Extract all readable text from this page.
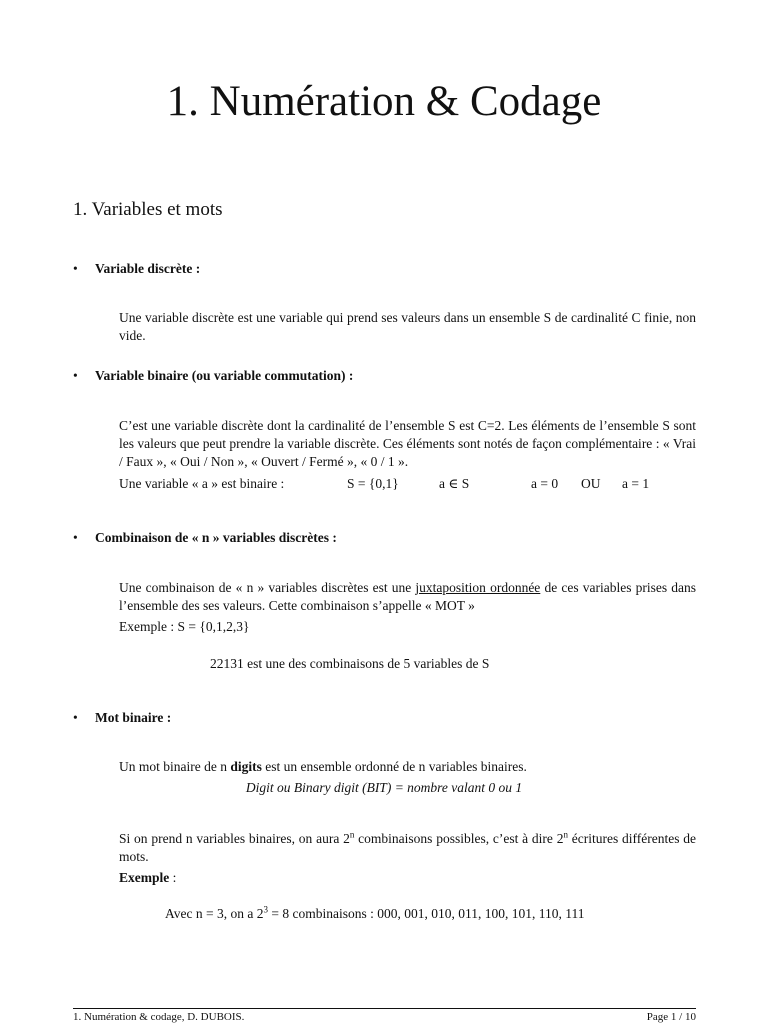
1. Numération & Codage
1. Variables et mots
• Variable discrète :

Une variable discrète est une variable qui prend ses valeurs dans un ensemble S de cardinalité C finie, non vide.

• Variable binaire (ou variable commutation) :

C’est une variable discrète dont la cardinalité de l’ensemble S est C=2. Les éléments de l’ensemble S sont les valeurs que peut prendre la variable discrète. Ces éléments sont notés de façon complémentaire : « Vrai / Faux », « Oui / Non », « Ouvert / Fermé », « 0 / 1 ».

Une variable « a » est binaire :	S = {0,1}	a ∈ S	a = 0 OU a = 1
• Combinaison de « n » variables discrètes :

Une combinaison de « n » variables discrètes est une juxtaposition ordonnée de ces variables prises dans l’ensemble des ses valeurs. Cette combinaison s’appelle « MOT »

Exemple : S = {0,1,2,3}
22131 est une des combinaisons de 5 variables de S
• Mot binaire :

Un mot binaire de n digits est un ensemble ordonné de n variables binaires.

Digit ou Binary digit (BIT) = nombre valant 0 ou 1

Si on prend n variables binaires, on aura 2$^n$ combinaisons possibles, c’est à dire 2$^n$ écritures différentes de mots.

Exemple :
Avec n = 3, on a $2^3 = 8$ combinaisons : 000, 001, 010, 011, 100, 101, 110, 111
1. Numération & codage, D. DUBOIS.	Page 1 / 10
